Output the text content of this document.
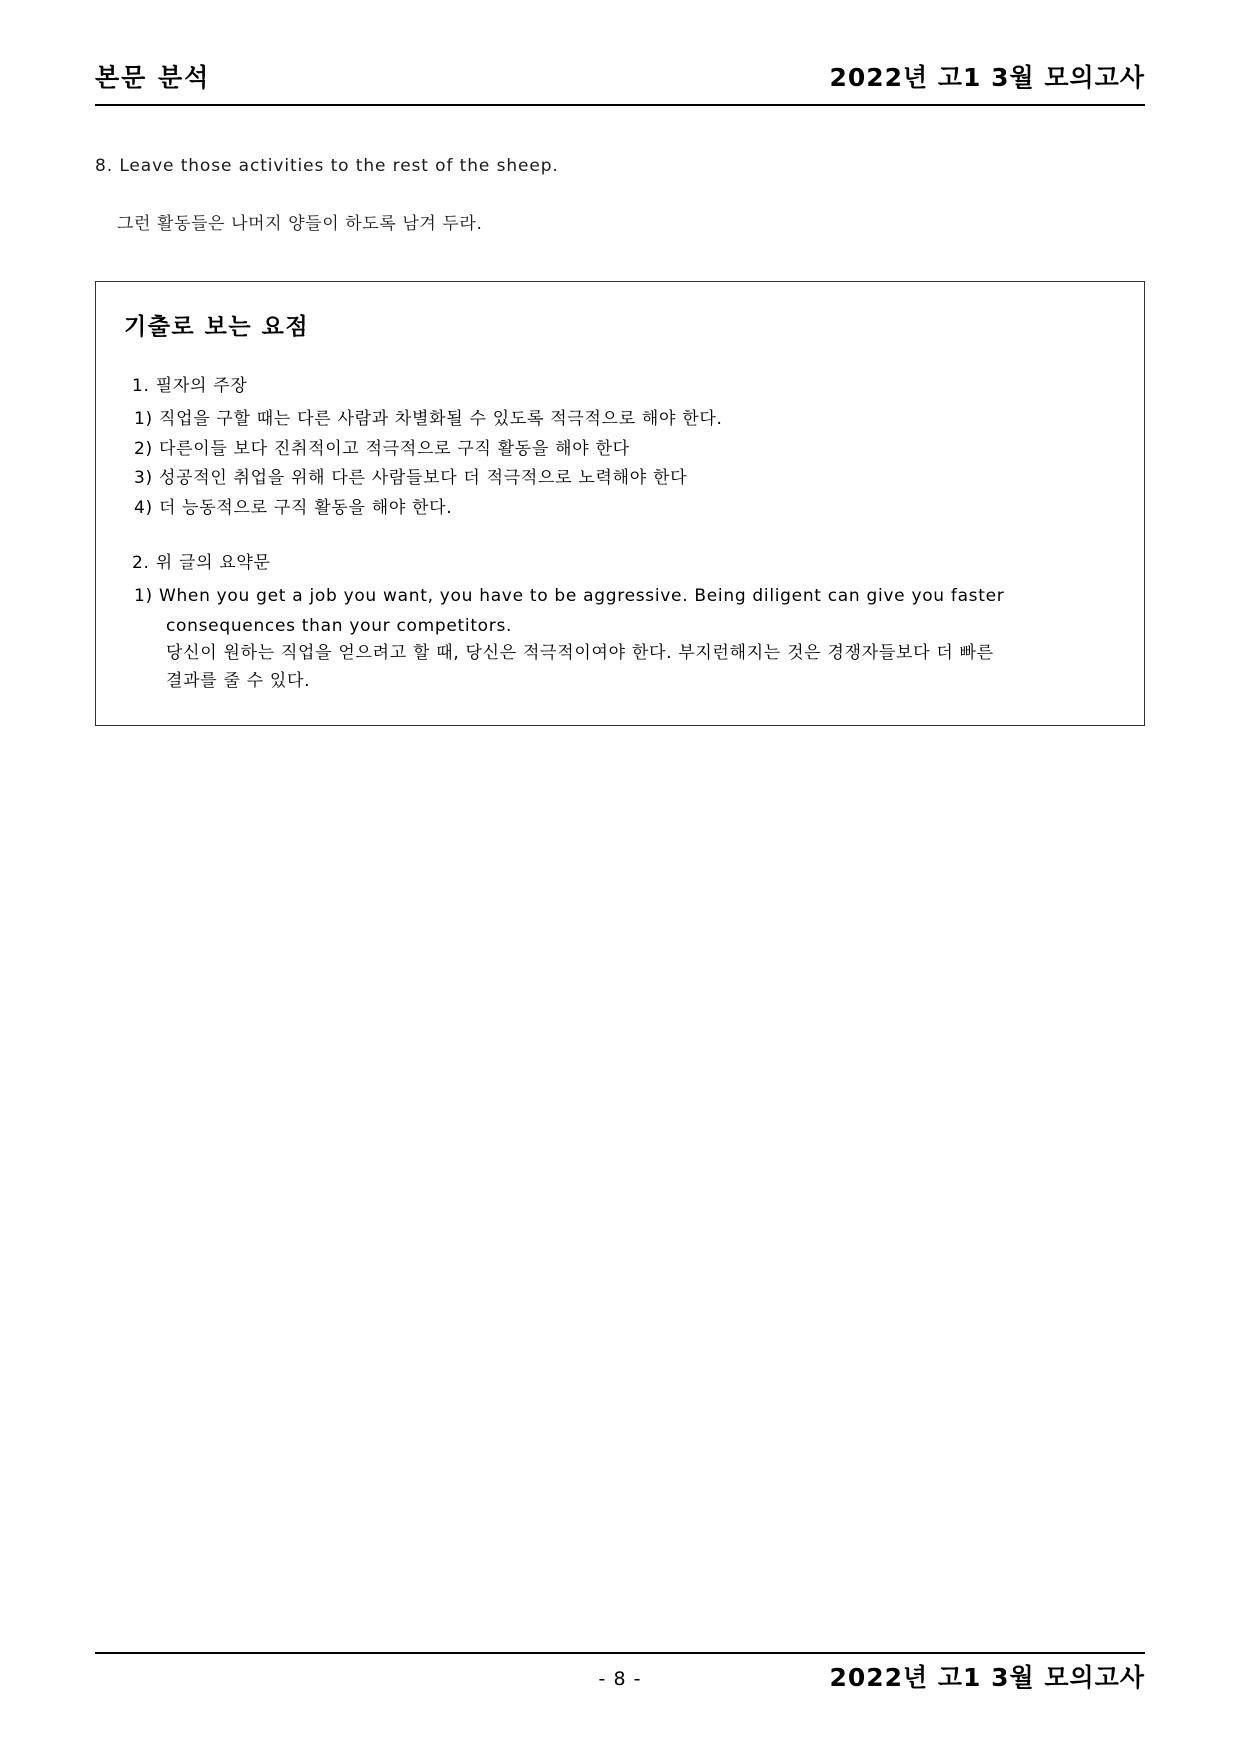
본문 분석	2022년 고1 3월 모의고사
8. Leave those activities to the rest of the sheep.
그런 활동들은 나머지 양들이 하도록 남겨 두라.
기출로 보는 요점
1. 필자의 주장
1) 직업을 구할 때는 다른 사람과 차별화될 수 있도록 적극적으로 해야 한다.
2) 다른이들 보다 진취적이고 적극적으로 구직 활동을 해야 한다
3) 성공적인 취업을 위해 다른 사람들보다 더 적극적으로 노력해야 한다
4) 더 능동적으로 구직 활동을 해야 한다.
2. 위 글의 요약문
1) When you get a job you want, you have to be aggressive. Being diligent can give you faster
consequences than your competitors.
당신이 원하는 직업을 얻으려고 할 때, 당신은 적극적이여야 한다. 부지런해지는 것은 경쟁자들보다 더 빠른
결과를 줄 수 있다.
- 8 -	2022년 고1 3월 모의고사
